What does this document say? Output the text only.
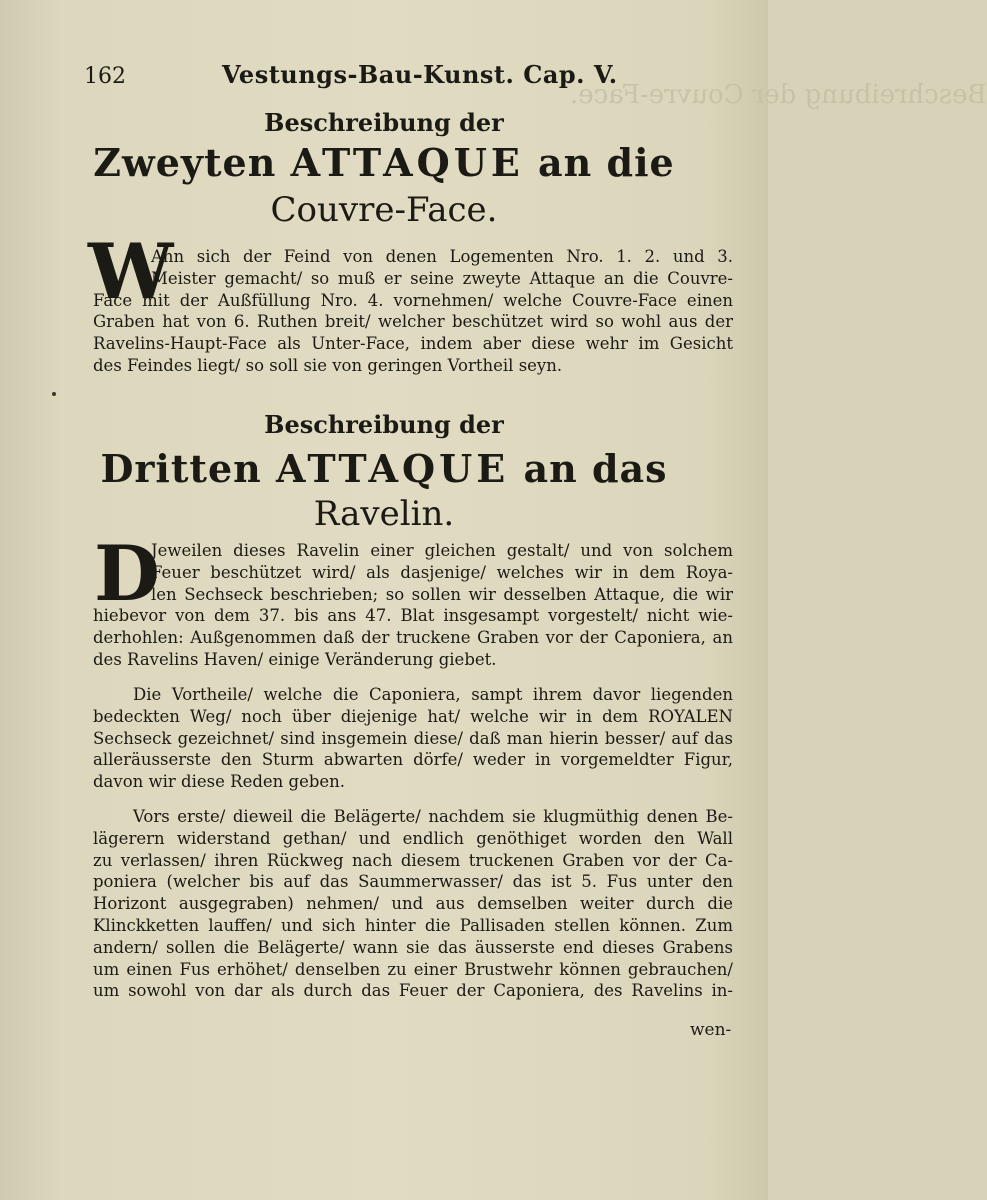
162	Vestungs-Bau-Kunst. Cap. V.
Beschreibung der Couvre-Face.
Beschreibung der
Zweyten ATTAQUE an die
Couvre-Face.
W
Ann sich der Feind von denen Logementen Nro. 1. 2. und 3.
Meister gemacht/ so muß er seine zweyte Attaque an die Couvre-
Face mit der Außfüllung Nro. 4. vornehmen/ welche Couvre-Face einen
Graben hat von 6. Ruthen breit/ welcher beschützet wird so wohl aus der
Ravelins-Haupt-Face als Unter-Face, indem aber diese wehr im Gesicht
des Feindes liegt/ so soll sie von geringen Vortheil seyn.
Beschreibung der
Dritten ATTAQUE an das
Ravelin.
D
Jeweilen dieses Ravelin einer gleichen gestalt/ und von solchem
Feuer beschützet wird/ als dasjenige/ welches wir in dem Roya-
len Sechseck beschrieben; so sollen wir desselben Attaque, die wir
hiebevor von dem 37. bis ans 47. Blat insgesampt vorgestelt/ nicht wie-
derhohlen: Außgenommen daß der truckene Graben vor der Caponiera, an
des Ravelins Haven/ einige Veränderung giebet.
Die Vortheile/ welche die Caponiera, sampt ihrem davor liegenden
bedeckten Weg/ noch über diejenige hat/ welche wir in dem ROYALEN
Sechseck gezeichnet/ sind insgemein diese/ daß man hierin besser/ auf das
alleräusserste den Sturm abwarten dörfe/ weder in vorgemeldter Figur,
davon wir diese Reden geben.
Vors erste/ dieweil die Belägerte/ nachdem sie klugmüthig denen Be-
lägerern widerstand gethan/ und endlich genöthiget worden den Wall
zu verlassen/ ihren Rückweg nach diesem truckenen Graben vor der Ca-
poniera (welcher bis auf das Saummerwasser/ das ist 5. Fus unter den
Horizont ausgegraben) nehmen/ und aus demselben weiter durch die
Klinckketten lauffen/ und sich hinter die Pallisaden stellen können. Zum
andern/ sollen die Belägerte/ wann sie das äusserste end dieses Grabens
um einen Fus erhöhet/ denselben zu einer Brustwehr können gebrauchen/
um sowohl von dar als durch das Feuer der Caponiera, des Ravelins in-
wen-
